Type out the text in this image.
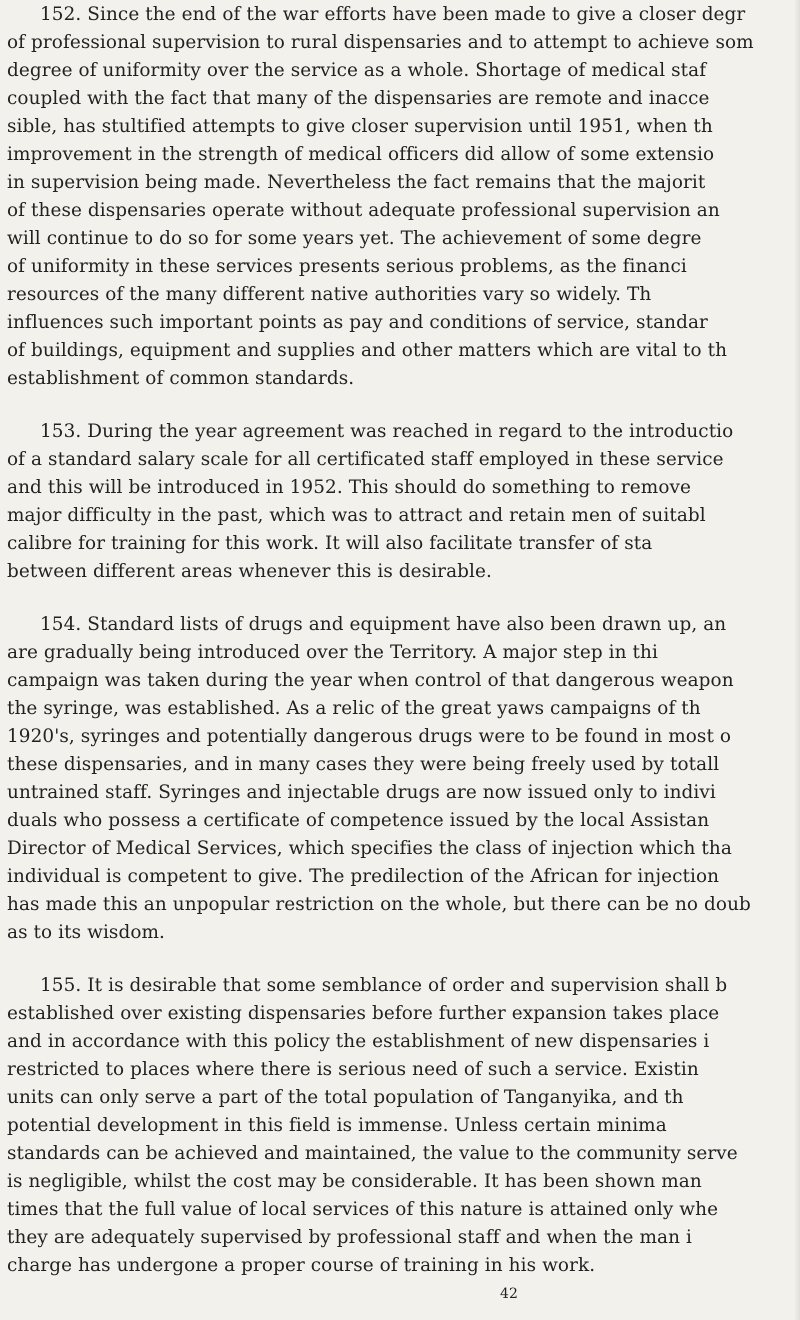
152. Since the end of the war efforts have been made to give a closer degr
of professional supervision to rural dispensaries and to attempt to achieve som
degree of uniformity over the service as a whole. Shortage of medical staf
coupled with the fact that many of the dispensaries are remote and inacce
sible, has stultified attempts to give closer supervision until 1951, when th
improvement in the strength of medical officers did allow of some extensio
in supervision being made. Nevertheless the fact remains that the majorit
of these dispensaries operate without adequate professional supervision an
will continue to do so for some years yet. The achievement of some degre
of uniformity in these services presents serious problems, as the financi
resources of the many different native authorities vary so widely. Th
influences such important points as pay and conditions of service, standar
of buildings, equipment and supplies and other matters which are vital to th
establishment of common standards.
153. During the year agreement was reached in regard to the introductio
of a standard salary scale for all certificated staff employed in these service
and this will be introduced in 1952. This should do something to remove
major difficulty in the past, which was to attract and retain men of suitabl
calibre for training for this work. It will also facilitate transfer of sta
between different areas whenever this is desirable.
154. Standard lists of drugs and equipment have also been drawn up, an
are gradually being introduced over the Territory. A major step in thi
campaign was taken during the year when control of that dangerous weapon
the syringe, was established. As a relic of the great yaws campaigns of th
1920's, syringes and potentially dangerous drugs were to be found in most o
these dispensaries, and in many cases they were being freely used by totall
untrained staff. Syringes and injectable drugs are now issued only to indivi
duals who possess a certificate of competence issued by the local Assistan
Director of Medical Services, which specifies the class of injection which tha
individual is competent to give. The predilection of the African for injection
has made this an unpopular restriction on the whole, but there can be no doub
as to its wisdom.
155. It is desirable that some semblance of order and supervision shall b
established over existing dispensaries before further expansion takes place
and in accordance with this policy the establishment of new dispensaries i
restricted to places where there is serious need of such a service. Existin
units can only serve a part of the total population of Tanganyika, and th
potential development in this field is immense. Unless certain minima
standards can be achieved and maintained, the value to the community serve
is negligible, whilst the cost may be considerable. It has been shown man
times that the full value of local services of this nature is attained only whe
they are adequately supervised by professional staff and when the man i
charge has undergone a proper course of training in his work.
42
